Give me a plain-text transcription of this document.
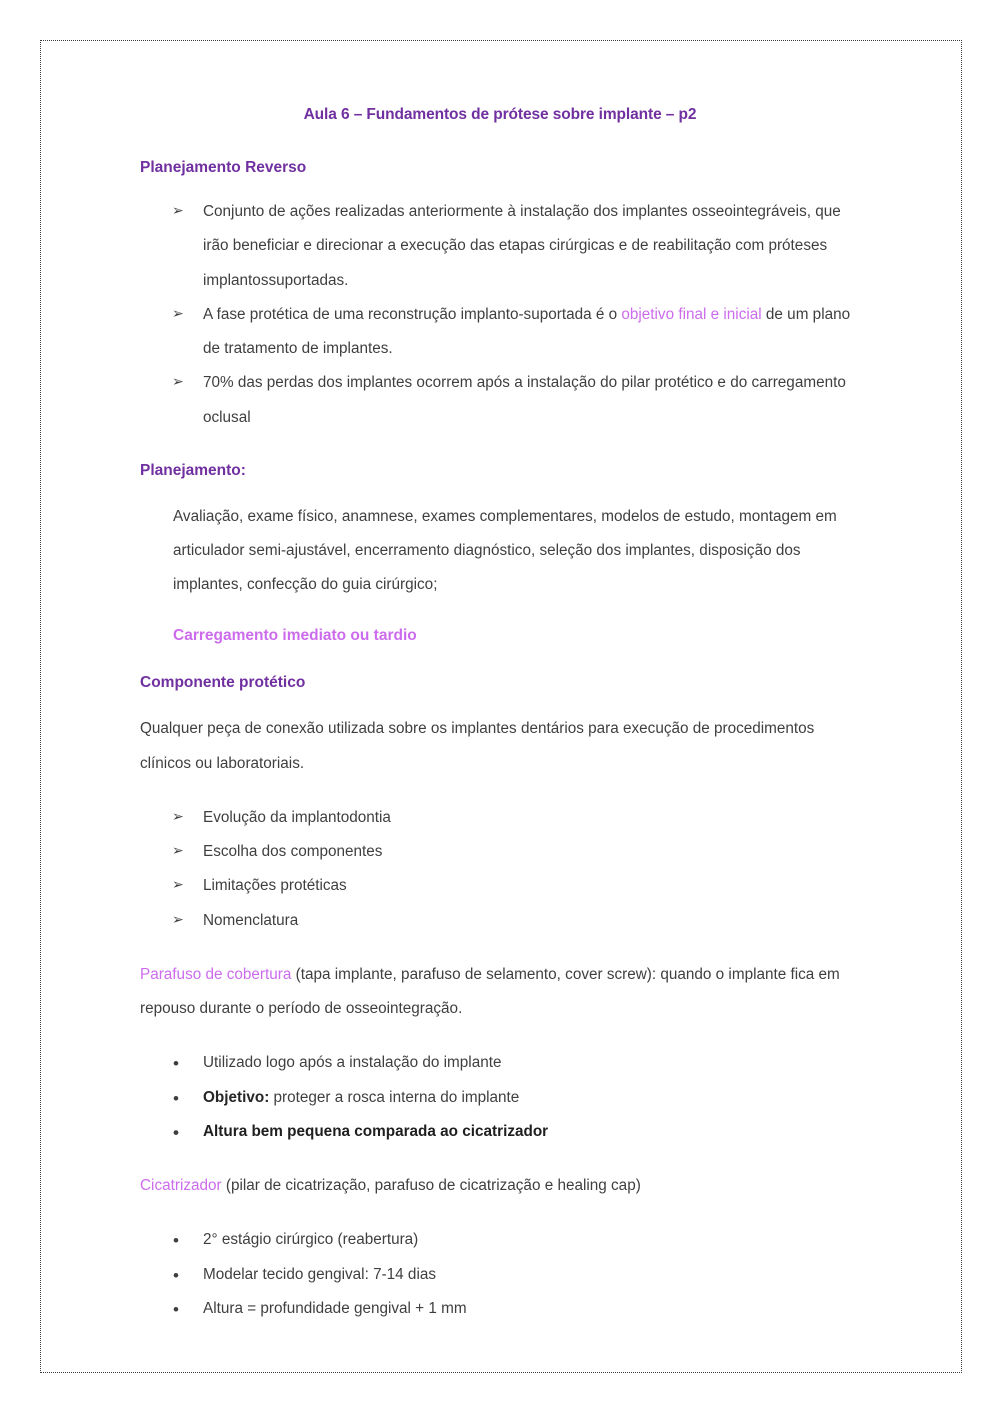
Aula 6 – Fundamentos de prótese sobre implante – p2
Planejamento Reverso
➢ Conjunto de ações realizadas anteriormente à instalação dos implantes osseointegráveis, que irão beneficiar e direcionar a execução das etapas cirúrgicas e de reabilitação com próteses implantossuportadas.
➢ A fase protética de uma reconstrução implanto-suportada é o objetivo final e inicial de um plano de tratamento de implantes.
➢ 70% das perdas dos implantes ocorrem após a instalação do pilar protético e do carregamento oclusal
Planejamento:
Avaliação, exame físico, anamnese, exames complementares, modelos de estudo, montagem em articulador semi-ajustável, encerramento diagnóstico, seleção dos implantes, disposição dos implantes, confecção do guia cirúrgico;
Carregamento imediato ou tardio
Componente protético
Qualquer peça de conexão utilizada sobre os implantes dentários para execução de procedimentos clínicos ou laboratoriais.
➢ Evolução da implantodontia
➢ Escolha dos componentes
➢ Limitações protéticas
➢ Nomenclatura
Parafuso de cobertura (tapa implante, parafuso de selamento, cover screw): quando o implante fica em repouso durante o período de osseointegração.
• Utilizado logo após a instalação do implante
• Objetivo: proteger a rosca interna do implante
• Altura bem pequena comparada ao cicatrizador
Cicatrizador (pilar de cicatrização, parafuso de cicatrização e healing cap)
• 2° estágio cirúrgico (reabertura)
• Modelar tecido gengival: 7-14 dias
• Altura = profundidade gengival + 1 mm
